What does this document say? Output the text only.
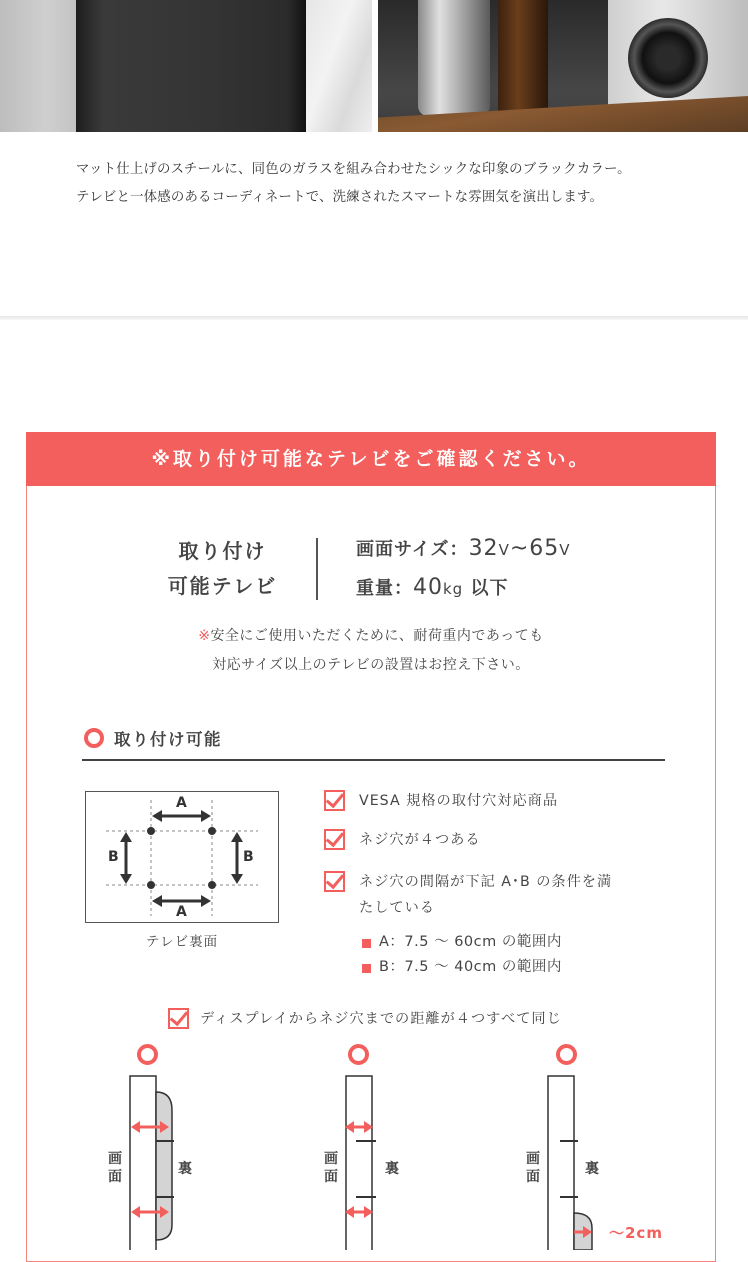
マット仕上げのスチールに、同色のガラスを組み合わせたシックな印象のブラックカラー。
テレビと一体感のあるコーディネートで、洗練されたスマートな雰囲気を演出します。
※取り付け可能なテレビをご確認ください。
取り付け
可能テレビ
画面サイズ：32V~65V
重量：40kg 以下
※安全にご使用いただくために、耐荷重内であっても
対応サイズ以上のテレビの設置はお控え下さい。
取り付け可能
A
A
B	B
テレビ裏面
VESA 規格の取付穴対応商品
ネジ穴が４つある
ネジ穴の間隔が下記 A･B の条件を満たしている
A：7.5 〜 60cm の範囲内
B：7.5 〜 40cm の範囲内
ディスプレイからネジ穴までの距離が４つすべて同じ
画面	裏
画面	裏
画面	裏
〜2cm
